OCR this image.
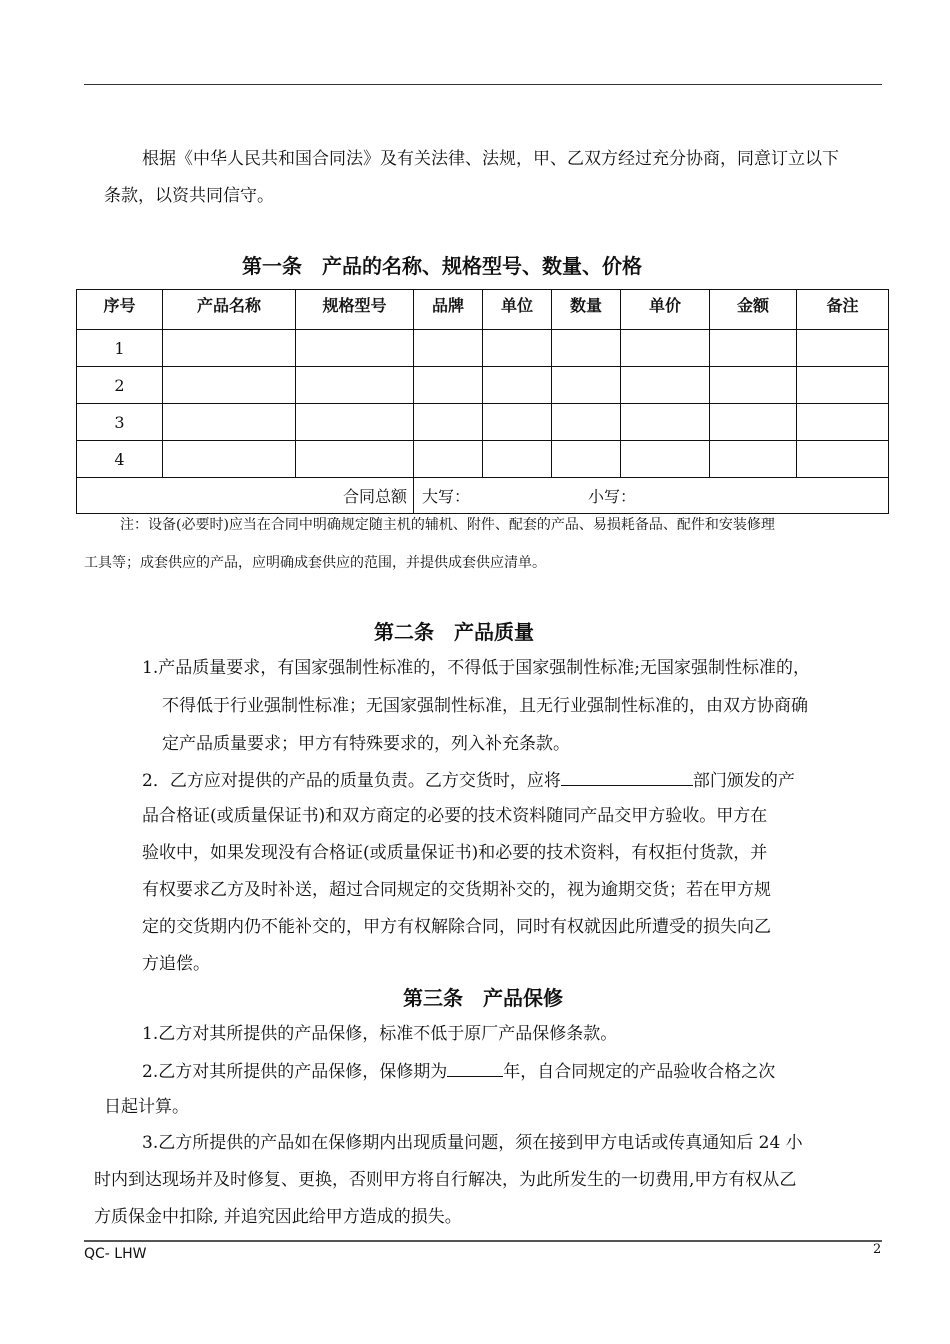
根据《中华人民共和国合同法》及有关法律、法规，甲、乙双方经过充分协商，同意订立以下
条款，以资共同信守。
第一条　产品的名称、规格型号、数量、价格
序号	产品名称	规格型号	品牌	单位	数量	单价	金额	备注
1								
2								
3								
4								
合同总额			大写： 小写：					
注：设备(必要时)应当在合同中明确规定随主机的辅机、附件、配套的产品、易损耗备品、配件和安装修理
工具等；成套供应的产品，应明确成套供应的范围，并提供成套供应清单。
第二条　产品质量
1.产品质量要求，有国家强制性标准的，不得低于国家强制性标准;无国家强制性标准的，
不得低于行业强制性标准；无国家强制性标准，且无行业强制性标准的，由双方协商确
定产品质量要求；甲方有特殊要求的，列入补充条款。
2．乙方应对提供的产品的质量负责。乙方交货时，应将	部门颁发的产
品合格证(或质量保证书)和双方商定的必要的技术资料随同产品交甲方验收。甲方在
验收中，如果发现没有合格证(或质量保证书)和必要的技术资料，有权拒付货款，并
有权要求乙方及时补送，超过合同规定的交货期补交的，视为逾期交货；若在甲方规
定的交货期内仍不能补交的，甲方有权解除合同，同时有权就因此所遭受的损失向乙
方追偿。
第三条　产品保修
1.乙方对其所提供的产品保修，标准不低于原厂产品保修条款。
2.乙方对其所提供的产品保修，保修期为	年，自合同规定的产品验收合格之次
日起计算。
3.乙方所提供的产品如在保修期内出现质量问题，须在接到甲方电话或传真通知后 24 小
时内到达现场并及时修复、更换，否则甲方将自行解决，为此所发生的一切费用,甲方有权从乙
方质保金中扣除, 并追究因此给甲方造成的损失。
QC- LHW	2
